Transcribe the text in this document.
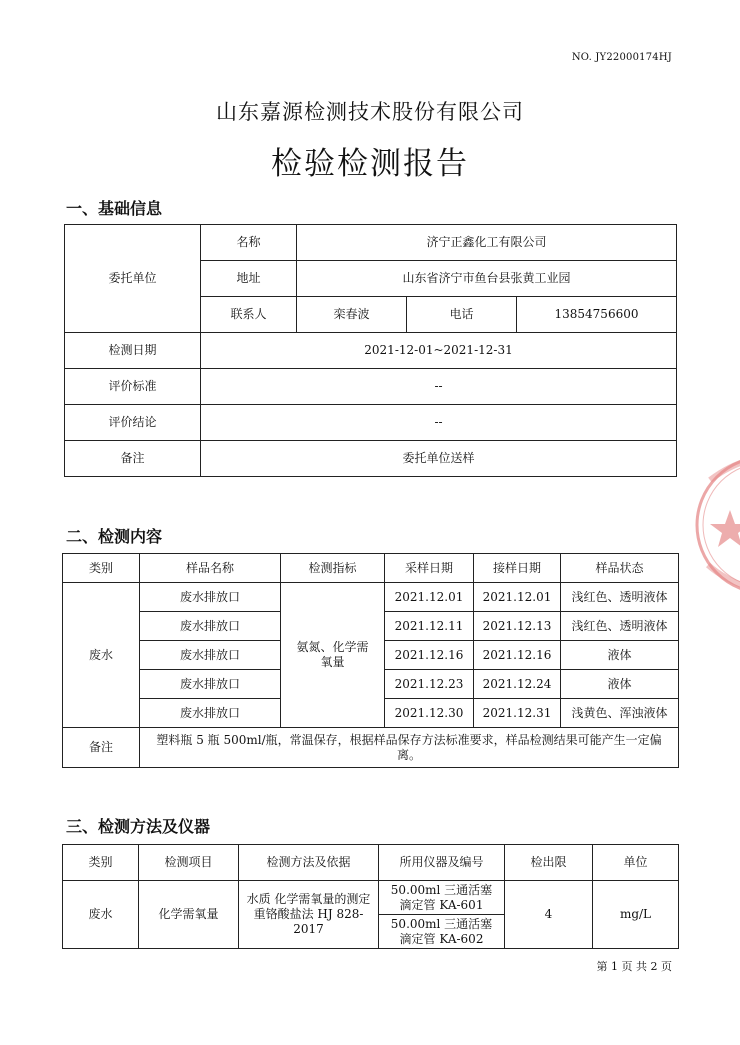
NO. JY22000174HJ
山东嘉源检测技术股份有限公司
检验检测报告
一、基础信息
委托单位	名称	济宁正鑫化工有限公司		
	地址	山东省济宁市鱼台县张黄工业园		
	联系人	栾春波	电话	13854756600
检测日期	2021-12-01~2021-12-31			
评价标准	--			
评价结论	--			
备注	委托单位送样			
二、检测内容
类别	样品名称	检测指标	采样日期	接样日期	样品状态
废水	废水排放口	氨氮、化学需氧量	2021.12.01	2021.12.01	浅红色、透明液体
	废水排放口		2021.12.11	2021.12.13	浅红色、透明液体
	废水排放口		2021.12.16	2021.12.16	液体
	废水排放口		2021.12.23	2021.12.24	液体
	废水排放口		2021.12.30	2021.12.31	浅黄色、浑浊液体
备注	塑料瓶 5 瓶 500ml/瓶，常温保存，根据样品保存方法标准要求，样品检测结果可能产生一定偏离。				
三、检测方法及仪器
类别	检测项目	检测方法及依据	所用仪器及编号	检出限	单位
废水	化学需氧量	水质 化学需氧量的测定 重铬酸盐法 HJ 828-2017	50.00ml 三通活塞滴定管 KA-601	4	mg/L
			50.00ml 三通活塞滴定管 KA-602		
第 1 页 共 2 页
